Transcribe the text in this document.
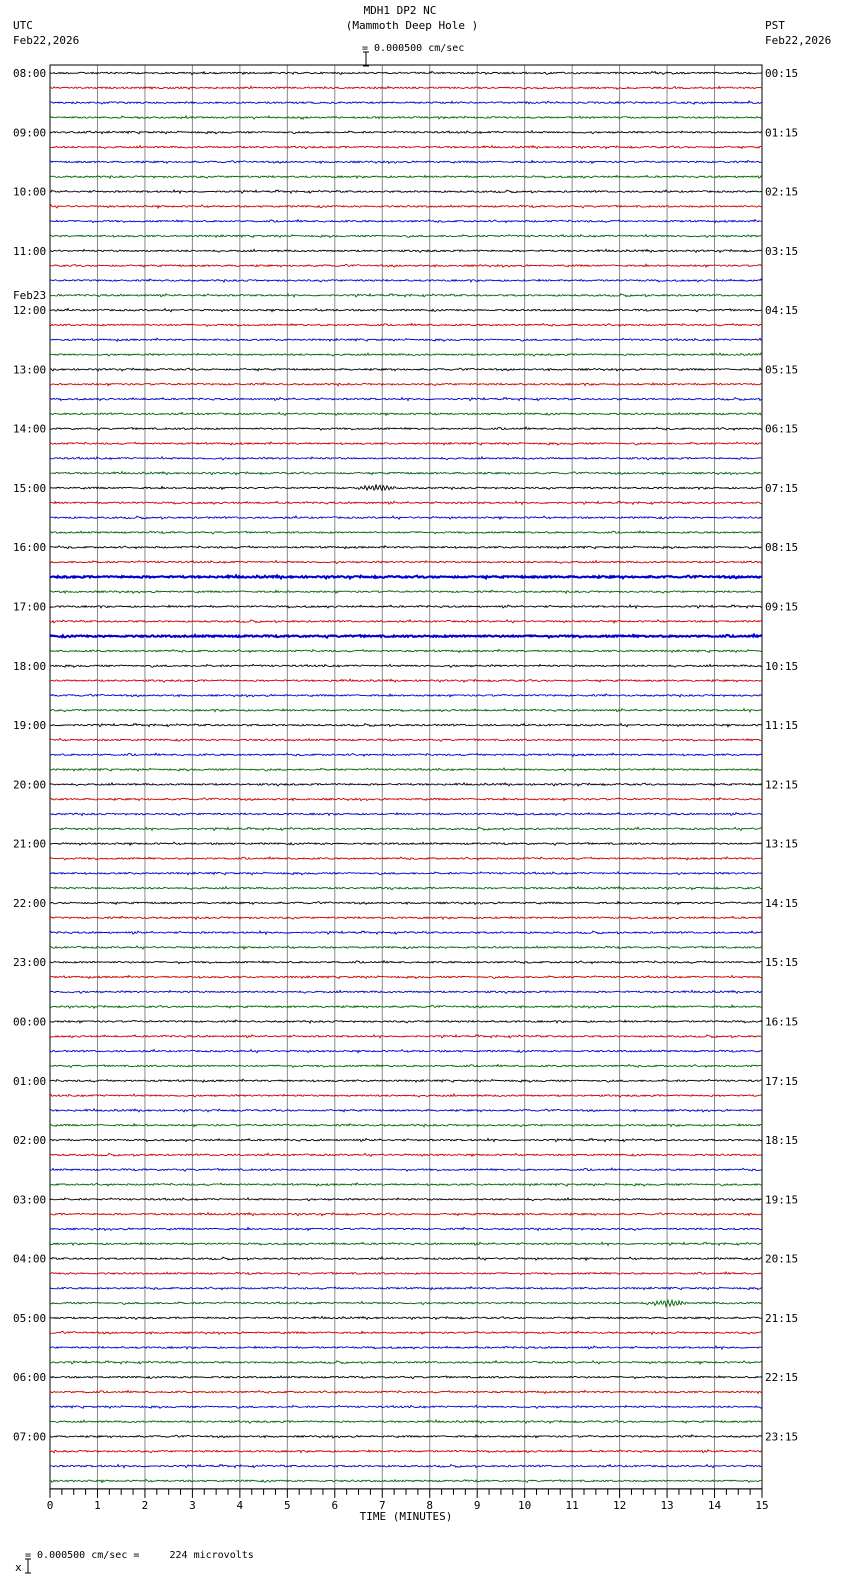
MDH1 DP2 NC
(Mammoth Deep Hole )

= 0.000500 cm/sec
UTC
Feb22,2026
PST
Feb22,2026
08:00
09:00
10:00
11:00
12:00
13:00
14:00
15:00
16:00
17:00
18:00
19:00
20:00
21:00
22:00
23:00
00:00
01:00
02:00
03:00
04:00
05:00
06:00
07:00
00:15
01:15
02:15
03:15
04:15
05:15
06:15
07:15
08:15
09:15
10:15
11:15
12:15
13:15
14:15
15:15
16:15
17:15
18:15
19:15
20:15
21:15
22:15
23:15
Feb23
0	1	2	3	4	5	6	7	8	9	10	11	12	13	14	15
TIME (MINUTES)

x

= 0.000500 cm/sec =     224 microvolts
